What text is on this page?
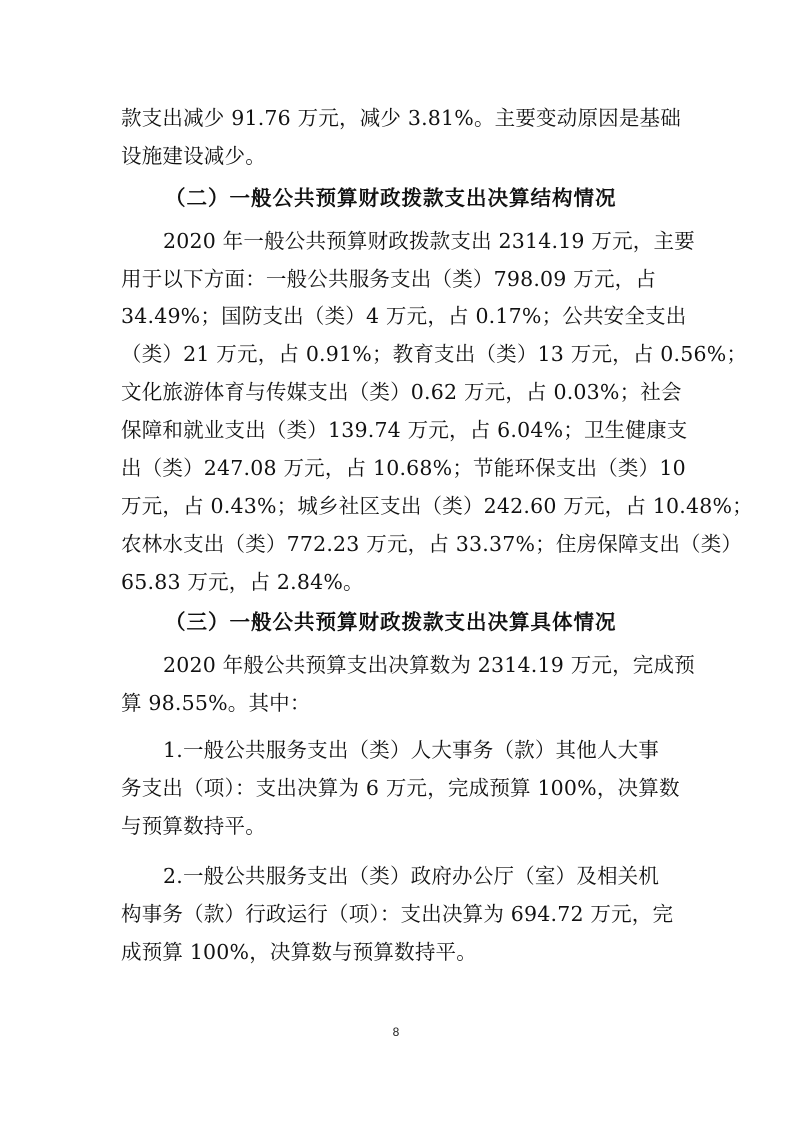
款支出减少 91.76 万元，减少 3.81%。主要变动原因是基础
设施建设减少。
（二）一般公共预算财政拨款支出决算结构情况
2020 年一般公共预算财政拨款支出 2314.19 万元，主要
用于以下方面：一般公共服务支出（类）798.09 万元，占
34.49%；国防支出（类）4 万元，占 0.17%；公共安全支出
（类）21 万元，占 0.91%；教育支出（类）13 万元，占 0.56%；
文化旅游体育与传媒支出（类）0.62 万元，占 0.03%；社会
保障和就业支出（类）139.74 万元，占 6.04%；卫生健康支
出（类）247.08 万元，占 10.68%；节能环保支出（类）10
万元，占 0.43%；城乡社区支出（类）242.60 万元，占 10.48%；
农林水支出（类）772.23 万元，占 33.37%；住房保障支出（类）
65.83 万元，占 2.84%。
（三）一般公共预算财政拨款支出决算具体情况
2020 年般公共预算支出决算数为 2314.19 万元，完成预
算 98.55%。其中：
1.一般公共服务支出（类）人大事务（款）其他人大事
务支出（项）：支出决算为 6 万元，完成预算 100%，决算数
与预算数持平。
2.一般公共服务支出（类）政府办公厅（室）及相关机
构事务（款）行政运行（项）：支出决算为 694.72 万元，完
成预算 100%，决算数与预算数持平。
8
